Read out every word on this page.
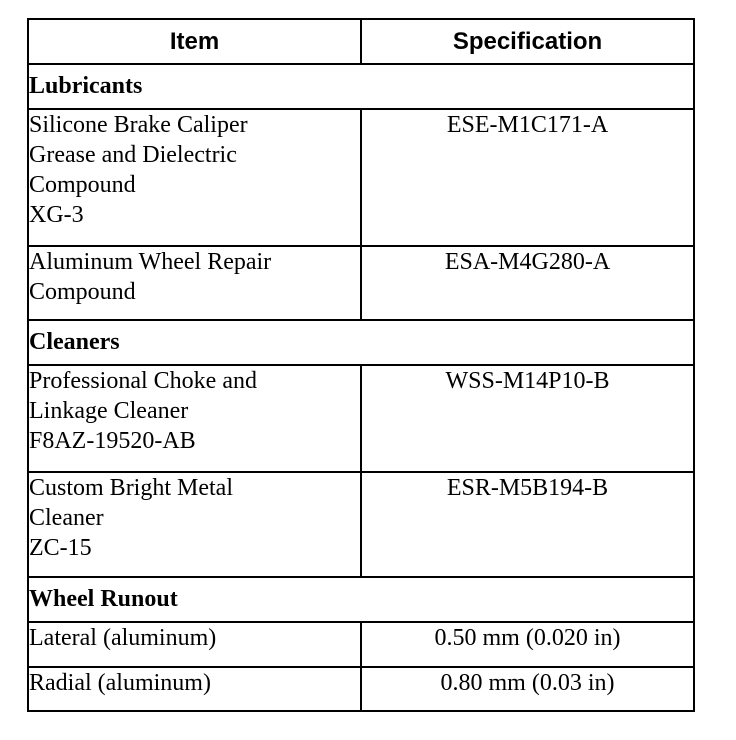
Item	Specification
Lubricants	
Silicone Brake Caliper
Grease and Dielectric
Compound
XG-3	ESE-M1C171-A
Aluminum Wheel Repair
Compound	ESA-M4G280-A
Cleaners	
Professional Choke and
Linkage Cleaner
F8AZ-19520-AB	WSS-M14P10-B
Custom Bright Metal
Cleaner
ZC-15	ESR-M5B194-B
Wheel Runout	
Lateral (aluminum)	0.50 mm (0.020 in)
Radial (aluminum)	0.80 mm (0.03 in)
